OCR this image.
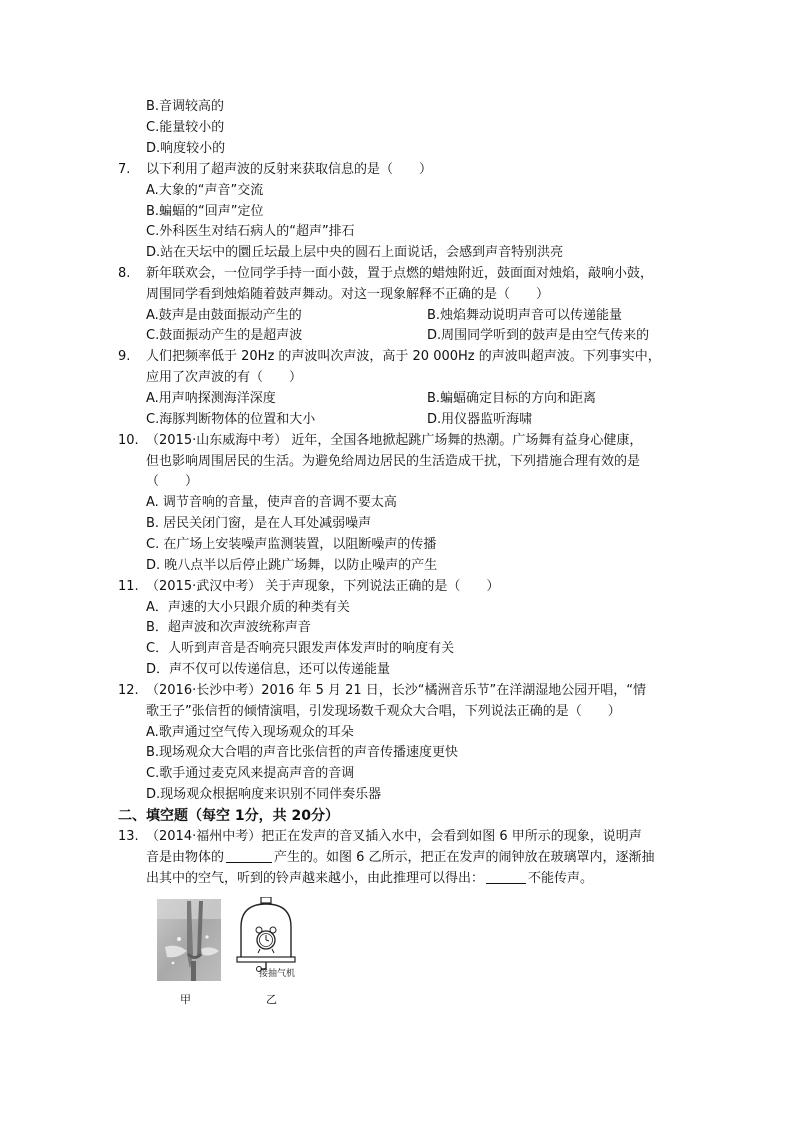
B.音调较高的
C.能量较小的
D.响度较小的
7. 以下利用了超声波的反射来获取信息的是（　　）
A.大象的“声音”交流
B.蝙蝠的“回声”定位
C.外科医生对结石病人的“超声”排石
D.站在天坛中的圜丘坛最上层中央的圆石上面说话，会感到声音特别洪亮
8. 新年联欢会，一位同学手持一面小鼓，置于点燃的蜡烛附近，鼓面面对烛焰，敲响小鼓，
周围同学看到烛焰随着鼓声舞动。对这一现象解释不正确的是（　　）
A.鼓声是由鼓面振动产生的	B.烛焰舞动说明声音可以传递能量
C.鼓面振动产生的是超声波	D.周围同学听到的鼓声是由空气传来的
9. 人们把频率低于 20Hz 的声波叫次声波，高于 20 000Hz 的声波叫超声波。下列事实中，
应用了次声波的有（　　）
A.用声呐探测海洋深度	B.蝙蝠确定目标的方向和距离
C.海豚判断物体的位置和大小	D.用仪器监听海啸
10. （2015·山东威海中考） 近年，全国各地掀起跳广场舞的热潮。广场舞有益身心健康，
但也影响周围居民的生活。为避免给周边居民的生活造成干扰，下列措施合理有效的是
（　　）
A. 调节音响的音量，使声音的音调不要太高
B. 居民关闭门窗，是在人耳处减弱噪声
C. 在广场上安装噪声监测装置，以阻断噪声的传播
D. 晚八点半以后停止跳广场舞，以防止噪声的产生
11. （2015·武汉中考） 关于声现象，下列说法正确的是（　　）
A．声速的大小只跟介质的种类有关
B．超声波和次声波统称声音
C．人听到声音是否响亮只跟发声体发声时的响度有关
D．声不仅可以传递信息，还可以传递能量
12. （2016·长沙中考）2016 年 5 月 21 日，长沙“橘洲音乐节”在洋湖湿地公园开唱，“情
歌王子”张信哲的倾情演唱，引发现场数千观众大合唱，下列说法正确的是（　　）
A.歌声通过空气传入现场观众的耳朵
B.现场观众大合唱的声音比张信哲的声音传播速度更快
C.歌手通过麦克风来提高声音的音调
D.现场观众根据响度来识别不同伴奏乐器
二、填空题（每空 1分，共 20分）
13. （2014·福州中考）把正在发声的音叉插入水中，会看到如图 6 甲所示的现象，说明声
音是由物体的	产生的。如图 6 乙所示，把正在发声的闹钟放在玻璃罩内，逐渐抽
出其中的空气，听到的铃声越来越小，由此推理可以得出：	不能传声。
接抽气机
甲	乙
